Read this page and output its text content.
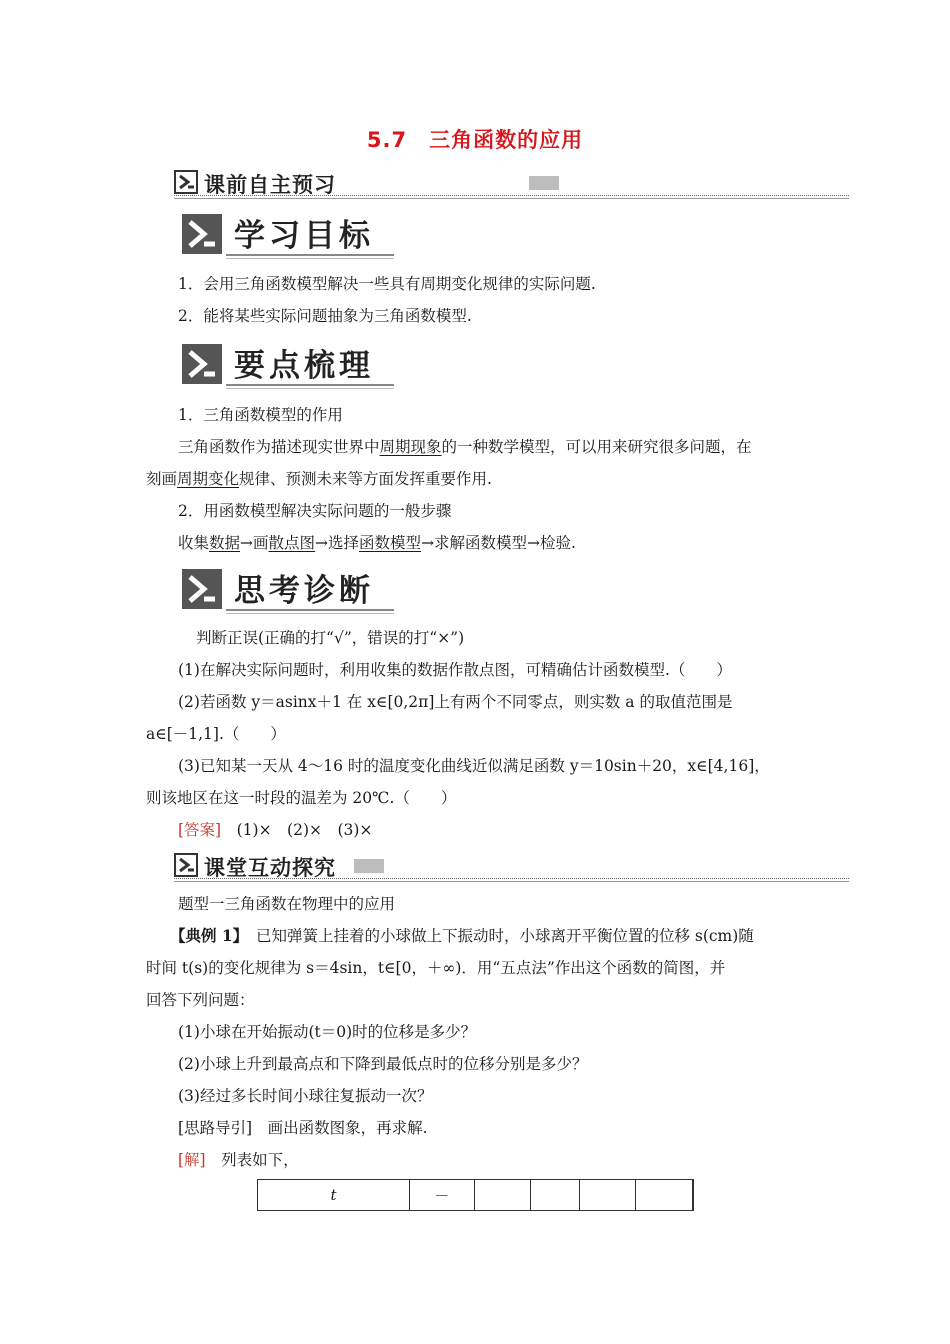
5.7　三角函数的应用
课前自主预习
学习目标
1．会用三角函数模型解决一些具有周期变化规律的实际问题.
2．能将某些实际问题抽象为三角函数模型.
要点梳理
1．三角函数模型的作用
三角函数作为描述现实世界中周期现象的一种数学模型，可以用来研究很多问题，在
刻画周期变化规律、预测未来等方面发挥重要作用.
2．用函数模型解决实际问题的一般步骤
收集数据→画散点图→选择函数模型→求解函数模型→检验.
思考诊断
判断正误(正确的打“√”，错误的打“×”)
(1)在解决实际问题时，利用收集的数据作散点图，可精确估计函数模型.（　　）
(2)若函数 y＝asinx＋1 在 x∈[0,2π]上有两个不同零点，则实数 a 的取值范围是
a∈[－1,1].（　　）
(3)已知某一天从 4～16 时的温度变化曲线近似满足函数 y＝10sin＋20，x∈[4,16]，
则该地区在这一时段的温差为 20℃.（　　）
[答案]　(1)×　(2)×　(3)×
课堂互动探究
题型一三角函数在物理中的应用
【典例 1】　已知弹簧上挂着的小球做上下振动时，小球离开平衡位置的位移 s(cm)随
时间 t(s)的变化规律为 s＝4sin，t∈[0，＋∞)．用“五点法”作出这个函数的简图，并
回答下列问题：
(1)小球在开始振动(t＝0)时的位移是多少？
(2)小球上升到最高点和下降到最低点时的位移分别是多少？
(3)经过多长时间小球往复振动一次？
[思路导引]　画出函数图象，再求解.
[解]　列表如下，
t	－					
